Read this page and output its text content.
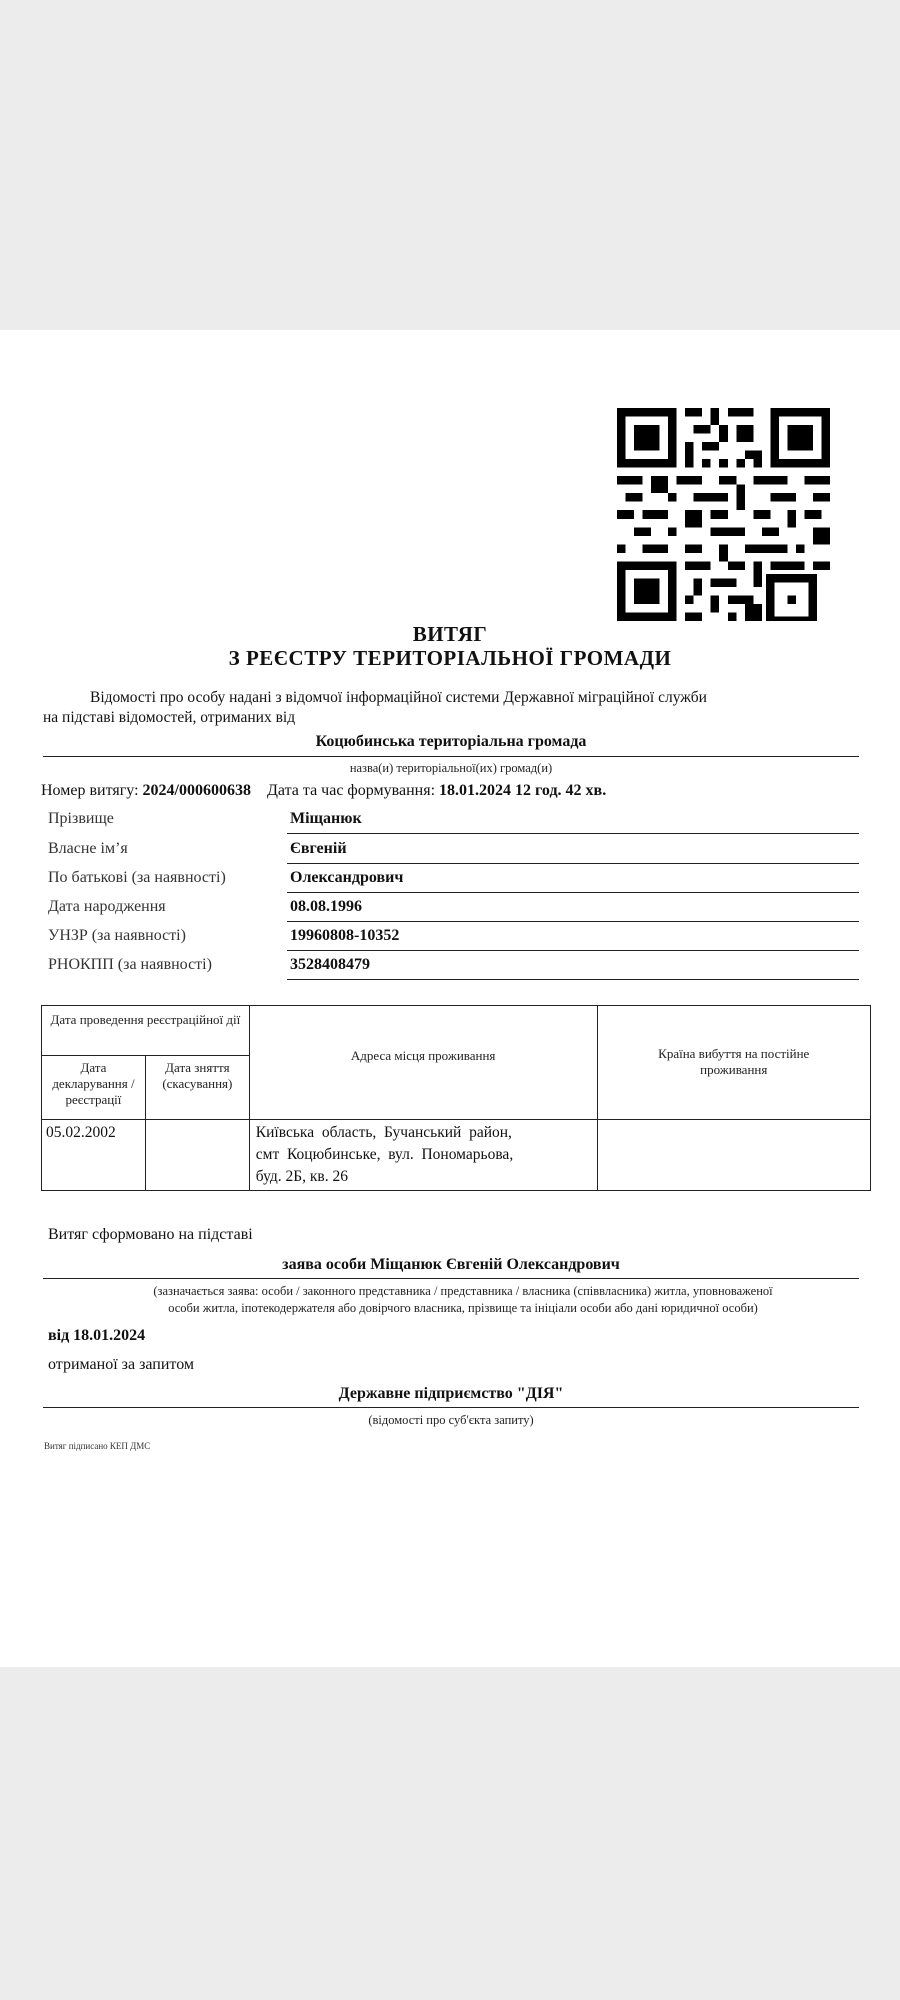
ВИТЯГ
З РЕЄСТРУ ТЕРИТОРІАЛЬНОЇ ГРОМАДИ
Відомості про особу надані з відомчої інформаційної системи Державної міграційної служби
на підставі відомостей, отриманих від
Коцюбинська територіальна громада
назва(и) територіальної(их) громад(и)
Номер витягу: 2024/000600638 Дата та час формування: 18.01.2024 12 год. 42 хв.
Прізвище	Міщанюк
Власне ім’я	Євгеній
По батькові (за наявності)	Олександрович
Дата народження	08.08.1996
УНЗР (за наявності)	19960808-10352
РНОКПП (за наявності)	3528408479
Дата проведення реєстраційної дії		Адреса місця проживання	Країна вибуття на постійне проживання
Дата декларування /реєстрації	Дата зняття (скасування)		
05.02.2002		Київська  область,  Бучанський  район,
смт  Коцюбинське,  вул.  Пономарьова,
буд. 2Б, кв. 26	

Витяг сформовано на підставі
заява особи Міщанюк Євгеній Олександрович
(зазначається заява: особи / законного представника / представника / власника (співвласника) житла, уповноваженої
особи житла, іпотекодержателя або довірчого власника, прізвище та ініціали особи або дані юридичної особи)
від 18.01.2024
отриманої за запитом
Державне підприємство "ДІЯ"
(відомості про суб'єкта запиту)
Витяг підписано КЕП ДМС
